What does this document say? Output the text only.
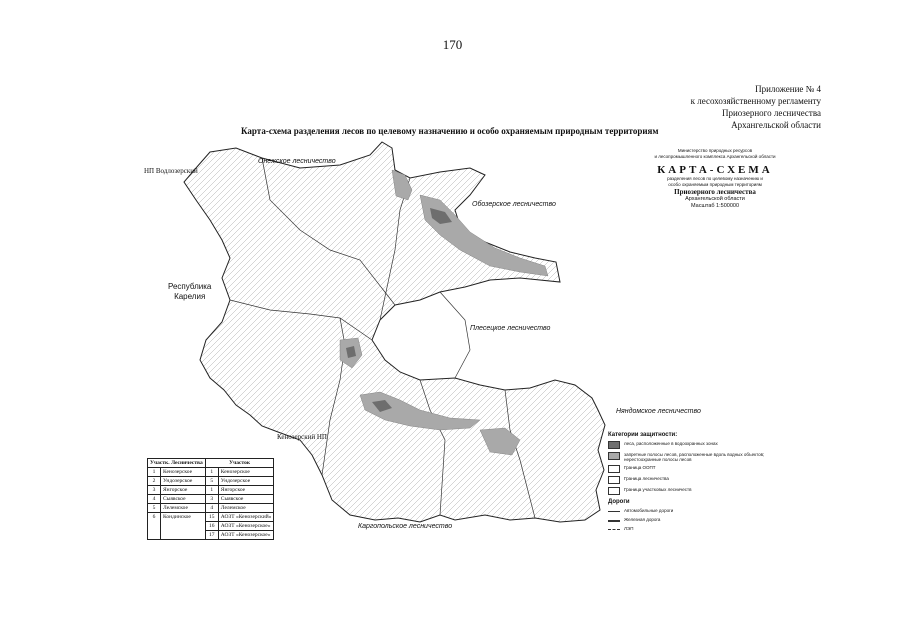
170
Приложение № 4
к лесохозяйственному регламенту
Приозерного лесничества
Архангельской области
Карта-схема разделения лесов по целевому назначению и особо охраняемым природным территориям
Онежское лесничество
Обозерское лесничество
Плесецкое лесничество
Няндомское лесничество
Каргопольское лесничество
НП Водлозерский
Кенозерский НП
Республика
Карелия
Министерство природных ресурсов
и лесопромышленного комплекса Архангельской области
КАРТА-СХЕМА
разделения лесов по целевому назначению и
особо охраняемым природным территориям
Приозерного лесничества
Архангельской области
Масштаб 1:500000
Категории защитности:
леса, расположенные в водоохранных зонах
запретные полосы лесов, расположенные вдоль водных объектов; нерестоохранные полосы лесов
Граница ООПТ
Граница лесничества
Граница участковых лесничеств
Дороги
Автомобильные дороги
Железная дорога
ЛЭП
Участк. Лесничества		Участок	
1	Кенозерское	1	Кенозерское
2	Ундозерское	5	Ундозерское
3	Янгорское	1	Янгорское
4	Сыявское	3	Сыявское
5	Лелемское	4	Лелемское
6	Кондинское	15	АОЗТ «Кенозерский»
		16	АОЗТ «Кенозерское»
		17	АОЗТ «Кенозерское»
